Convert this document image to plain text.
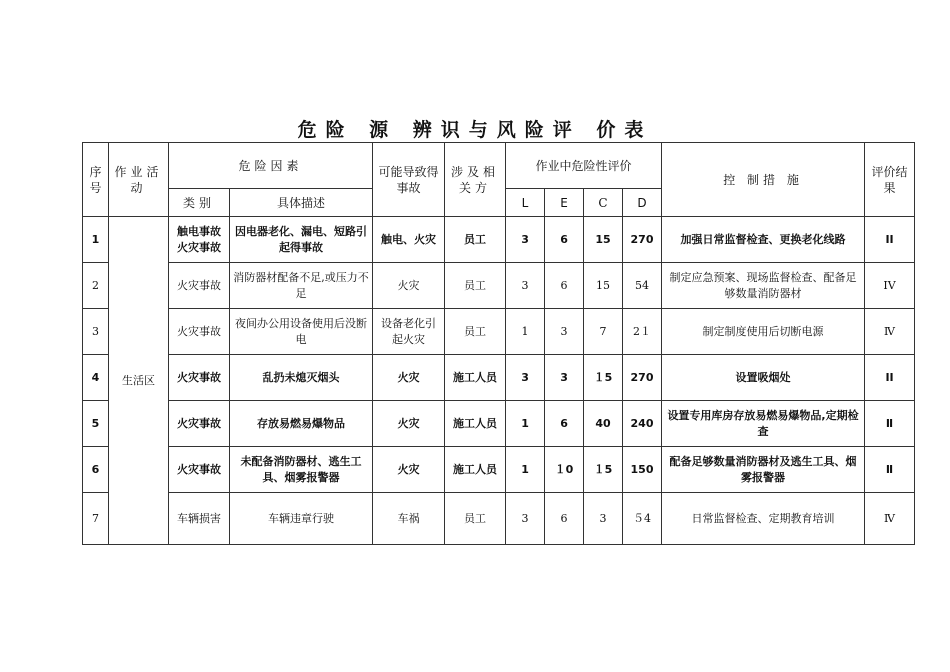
危险 源 辨识与风险评 价表
序号	作业活动	危险因素		可能导致得事故	涉及相关方	作业中危险性评价				控 制措 施	评价结果
		类别	具体描述			L	E	C	D		

1	生活区	触电事故火灾事故	因电器老化、漏电、短路引起得事故	触电、火灾	员工	3	6	15	270	加强日常监督检查、更换老化线路	ⅠⅠ
2		火灾事故	消防器材配备不足,或压力不足	火灾	员工	3	6	15	54	制定应急预案、现场监督检查、配备足够数量消防器材	ⅠⅤ
3		火灾事故	夜间办公用设备使用后没断电	设备老化引起火灾	员工	1	3	7	2１	制定制度使用后切断电源	Ⅳ
4		火灾事故	乱扔未熄灭烟头	火灾	施工人员	3	3	１5	270	设置吸烟处	ⅠⅠ
5		火灾事故	存放易燃易爆物品	火灾	施工人员	1	6	40	240	设置专用库房存放易燃易爆物品,定期检查	Ⅱ
6		火灾事故	未配备消防器材、逃生工具、烟雾报警器	火灾	施工人员	1	１0	１5	150	配备足够数量消防器材及逃生工具、烟雾报警器	Ⅱ
7		车辆损害	车辆违章行驶	车祸	员工	3	6	3	５4	日常监督检查、定期教育培训	Ⅳ
